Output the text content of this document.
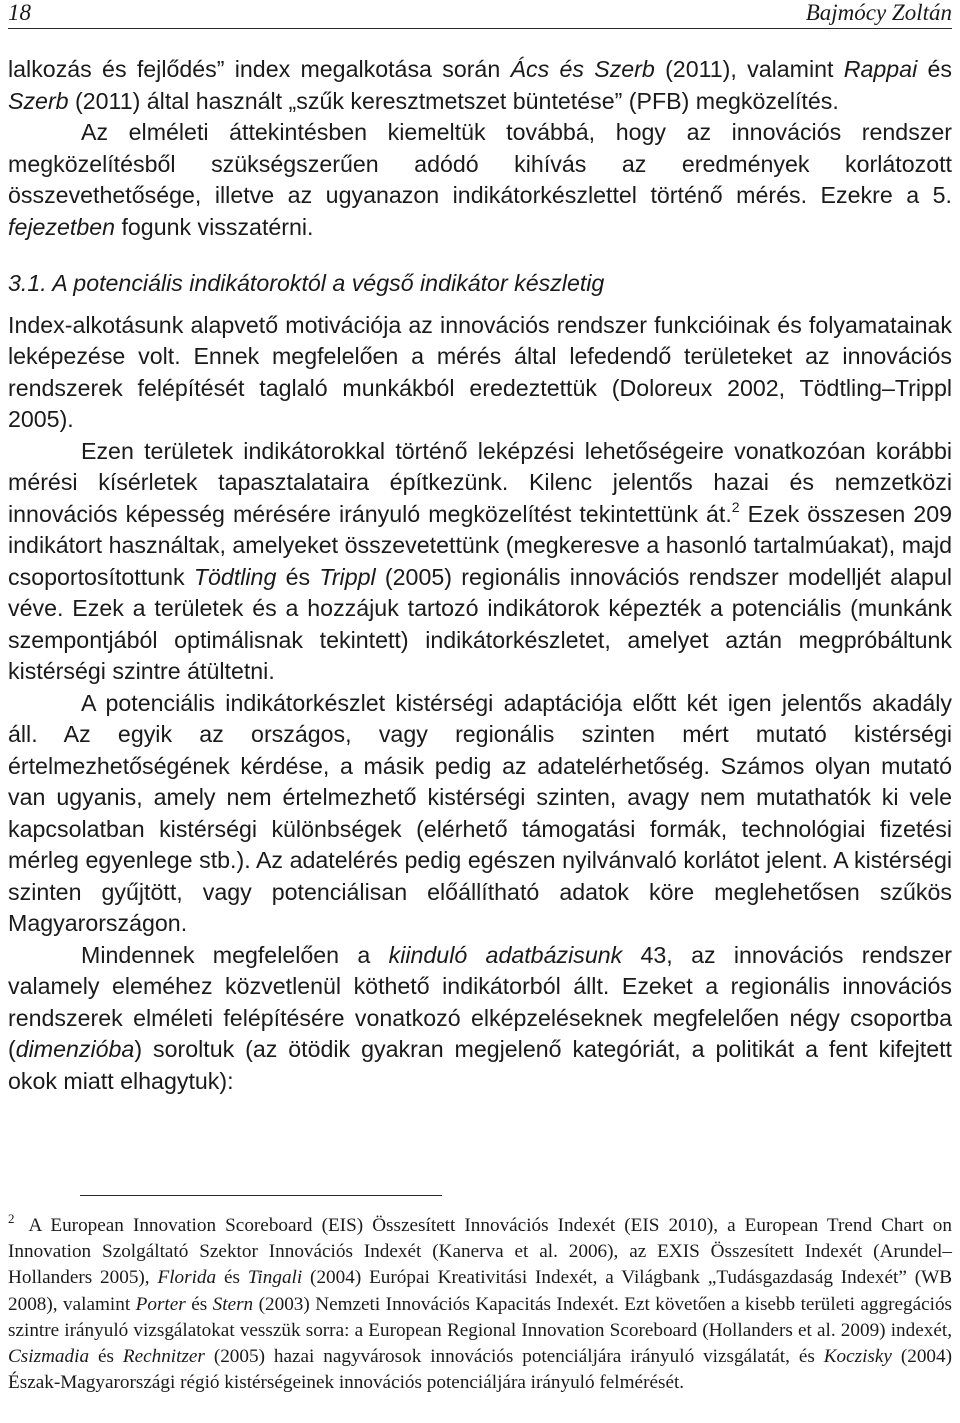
18	Bajmócy Zoltán

lalkozás és fejlődés” index megalkotása során Ács és Szerb (2011), valamint Rappai és Szerb (2011) által használt „szűk keresztmetszet büntetése” (PFB) megközelítés.

Az elméleti áttekintésben kiemeltük továbbá, hogy az innovációs rendszer megközelítésből szükségszerűen adódó kihívás az eredmények korlátozott összevethetősége, illetve az ugyanazon indikátorkészlettel történő mérés. Ezekre a 5. fejezetben fogunk visszatérni.

3.1. A potenciális indikátoroktól a végső indikátor készletig

Index-alkotásunk alapvető motivációja az innovációs rendszer funkcióinak és folyamatainak leképezése volt. Ennek megfelelően a mérés által lefedendő területeket az innovációs rendszerek felépítését taglaló munkákból eredeztettük (Doloreux 2002, Tödtling–Trippl 2005).

Ezen területek indikátorokkal történő leképzési lehetőségeire vonatkozóan korábbi mérési kísérletek tapasztalataira építkezünk. Kilenc jelentős hazai és nemzetközi innovációs képesség mérésére irányuló megközelítést tekintettünk át.$^2$ Ezek összesen 209 indikátort használtak, amelyeket összevetettünk (megkeresve a hasonló tartalmúakat), majd csoportosítottunk Tödtling és Trippl (2005) regionális innovációs rendszer modelljét alapul véve. Ezek a területek és a hozzájuk tartozó indikátorok képezték a potenciális (munkánk szempontjából optimálisnak tekintett) indikátorkészletet, amelyet aztán megpróbáltunk kistérségi szintre átültetni.

A potenciális indikátorkészlet kistérségi adaptációja előtt két igen jelentős akadály áll. Az egyik az országos, vagy regionális szinten mért mutató kistérségi értelmezhetőségének kérdése, a másik pedig az adatelérhetőség. Számos olyan mutató van ugyanis, amely nem értelmezhető kistérségi szinten, avagy nem mutathatók ki vele kapcsolatban kistérségi különbségek (elérhető támogatási formák, technológiai fizetési mérleg egyenlege stb.). Az adatelérés pedig egészen nyilvánvaló korlátot jelent. A kistérségi szinten gyűjtött, vagy potenciálisan előállítható adatok köre meglehetősen szűkös Magyarországon.

Mindennek megfelelően a kiinduló adatbázisunk 43, az innovációs rendszer valamely eleméhez közvetlenül köthető indikátorból állt. Ezeket a regionális innovációs rendszerek elméleti felépítésére vonatkozó elképzeléseknek megfelelően négy csoportba (dimenzióba) soroltuk (az ötödik gyakran megjelenő kategóriát, a politikát a fent kifejtett okok miatt elhagytuk):

$^2$ A European Innovation Scoreboard (EIS) Összesített Innovációs Indexét (EIS 2010), a European Trend Chart on Innovation Szolgáltató Szektor Innovációs Indexét (Kanerva et al. 2006), az EXIS Összesített Indexét (Arundel–Hollanders 2005), Florida és Tingali (2004) Európai Kreativitási Indexét, a Világbank „Tudásgazdaság Indexét” (WB 2008), valamint Porter és Stern (2003) Nemzeti Innovációs Kapacitás Indexét. Ezt követően a kisebb területi aggregációs szintre irányuló vizsgálatokat vesszük sorra: a European Regional Innovation Scoreboard (Hollanders et al. 2009) indexét, Csizmadia és Rechnitzer (2005) hazai nagyvárosok innovációs potenciáljára irányuló vizsgálatát, és Koczisky (2004) Észak-Magyarországi régió kistérségeinek innovációs potenciáljára irányuló felmérését.
